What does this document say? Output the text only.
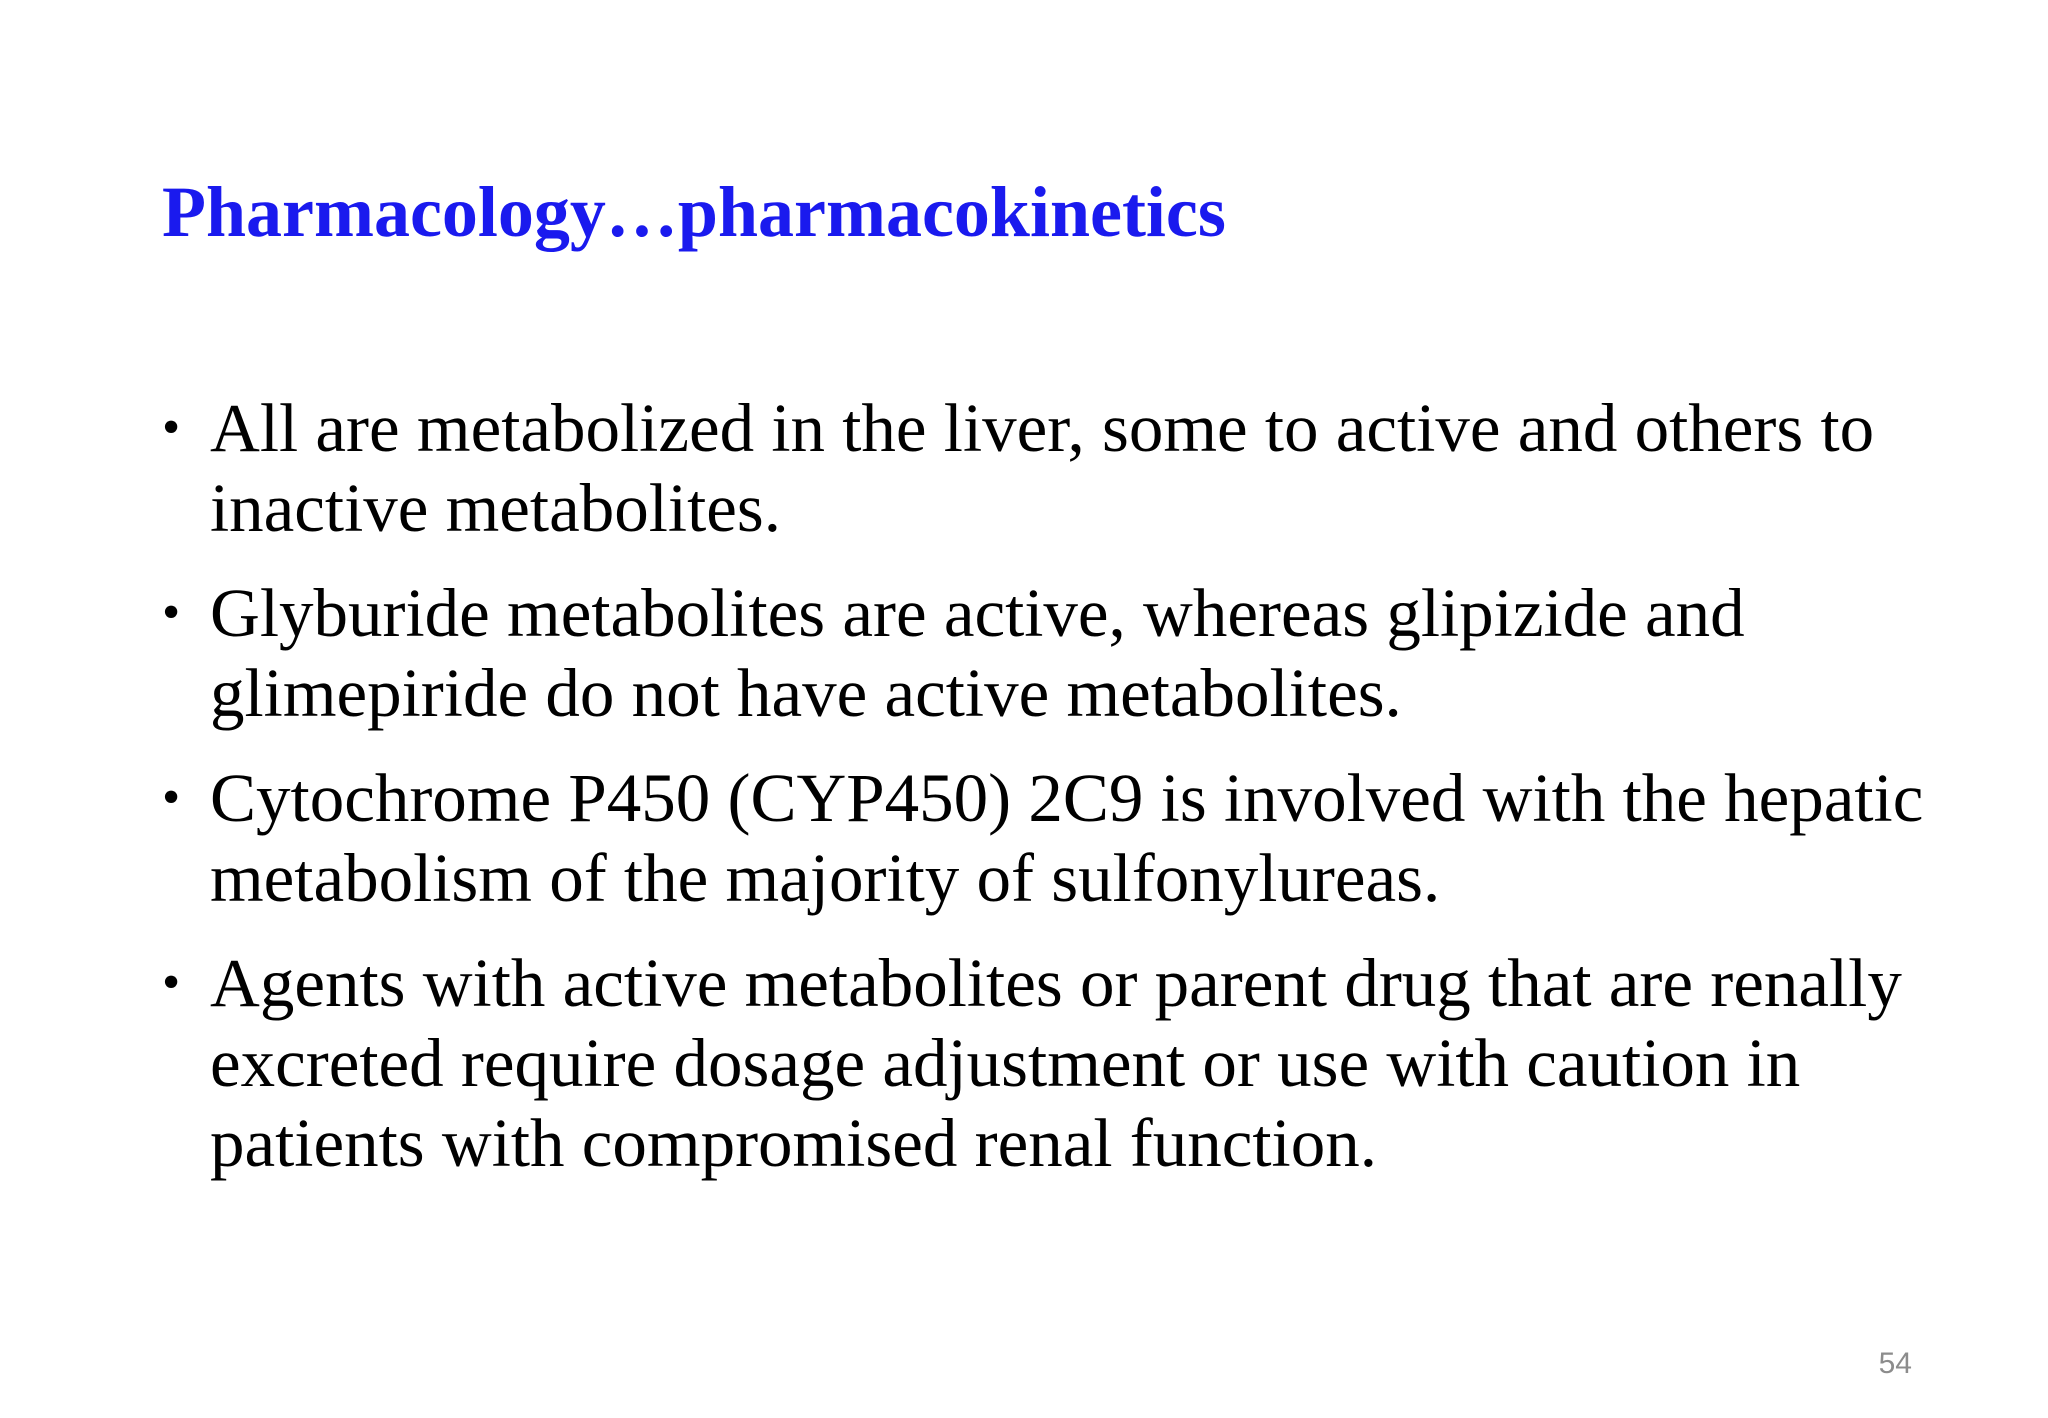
Pharmacology…pharmacokinetics
• All are metabolized in the liver, some to active and others to inactive metabolites.
• Glyburide metabolites are active, whereas glipizide and glimepiride do not have active metabolites.
• Cytochrome P450 (CYP450) 2C9 is involved with the hepatic metabolism of the majority of sulfonylureas.
• Agents with active metabolites or parent drug that are renally excreted require dosage adjustment or use with caution in patients with compromised renal function.
54
